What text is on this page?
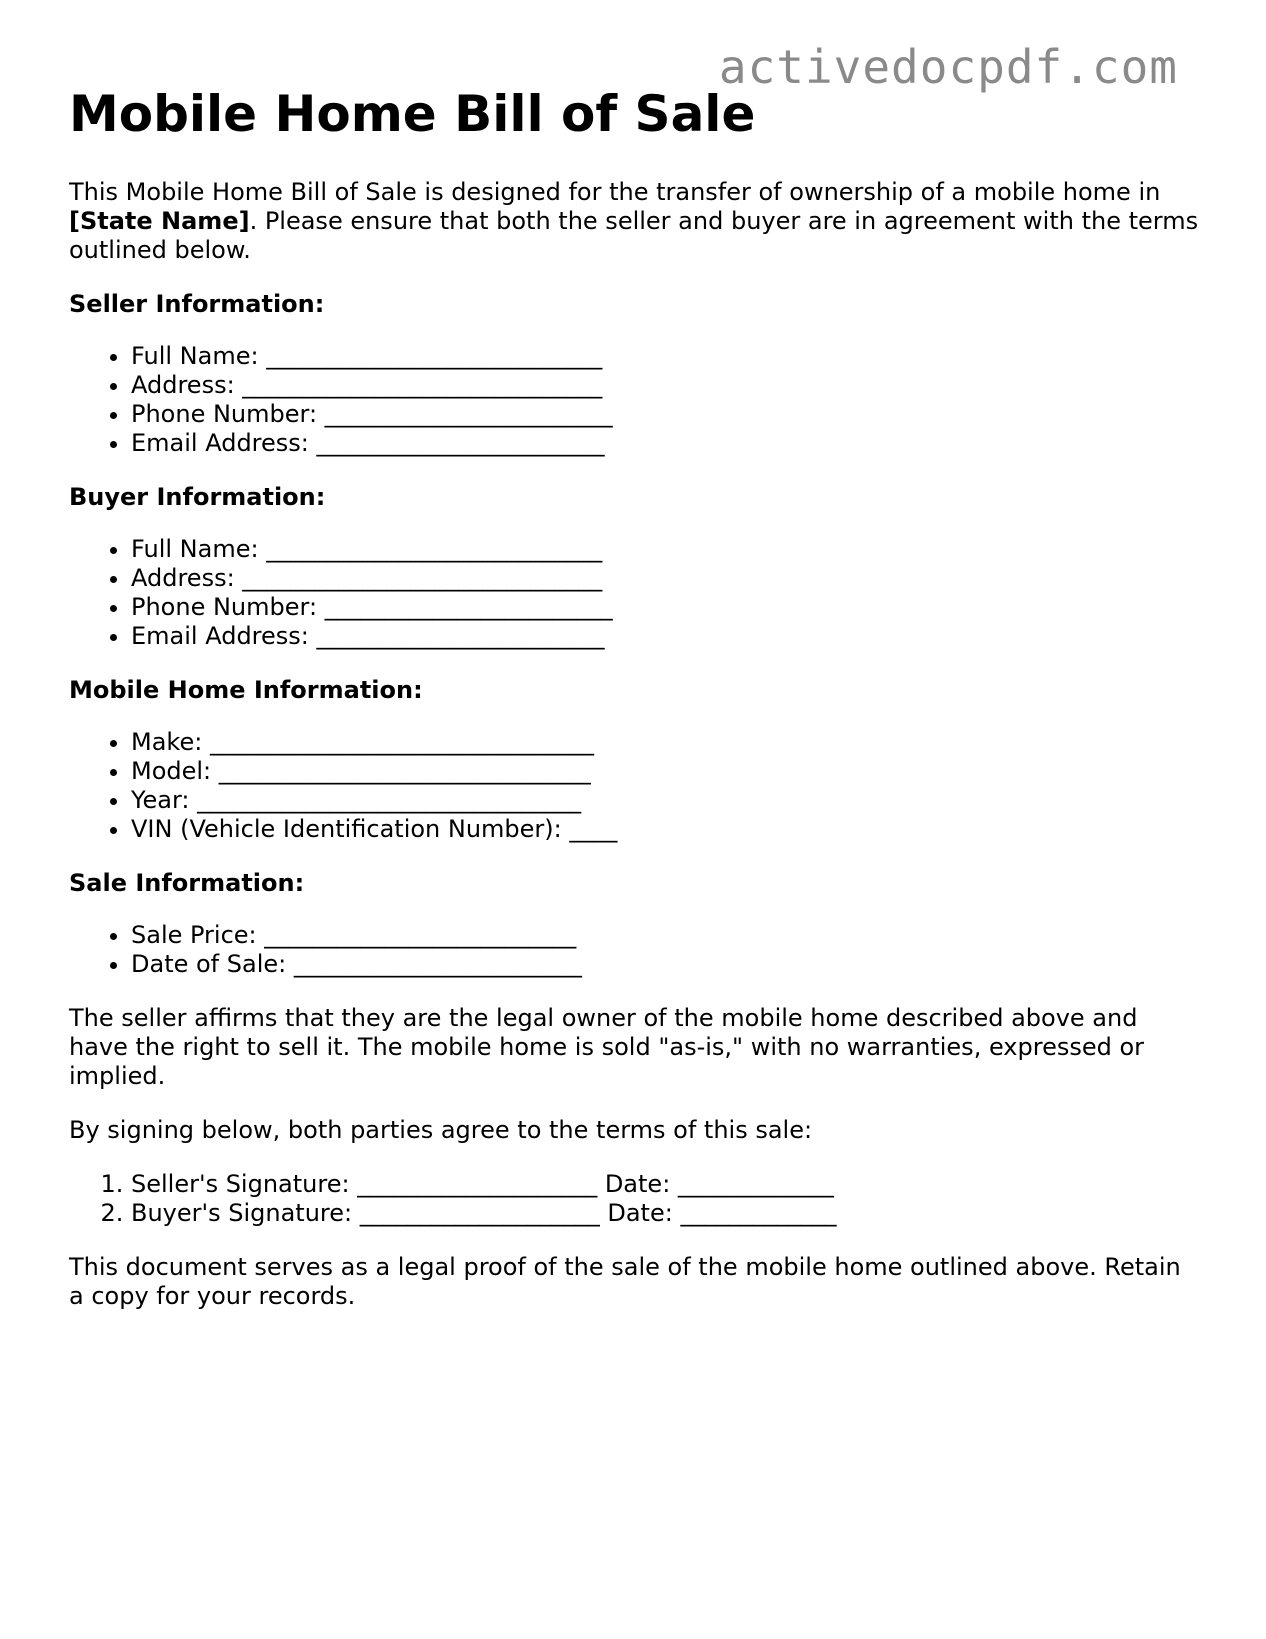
activedocpdf.com
Mobile Home Bill of Sale

This Mobile Home Bill of Sale is designed for the transfer of ownership of a mobile home in [State Name]. Please ensure that both the seller and buyer are in agreement with the terms outlined below.

Seller Information:
• Full Name: ____________________________
• Address: ______________________________
• Phone Number: ________________________
• Email Address: ________________________
Buyer Information:
• Full Name: ____________________________
• Address: ______________________________
• Phone Number: ________________________
• Email Address: ________________________
Mobile Home Information:
• Make: ________________________________
• Model: _______________________________
• Year: ________________________________
• VIN (Vehicle Identification Number): ____
Sale Information:
• Sale Price: __________________________
• Date of Sale: ________________________

The seller affirms that they are the legal owner of the mobile home described above and have the right to sell it. The mobile home is sold "as-is," with no warranties, expressed or implied.

By signing below, both parties agree to the terms of this sale:

1. Seller's Signature: ____________________ Date: _____________
2. Buyer's Signature: ____________________ Date: _____________

This document serves as a legal proof of the sale of the mobile home outlined above. Retain a copy for your records.
